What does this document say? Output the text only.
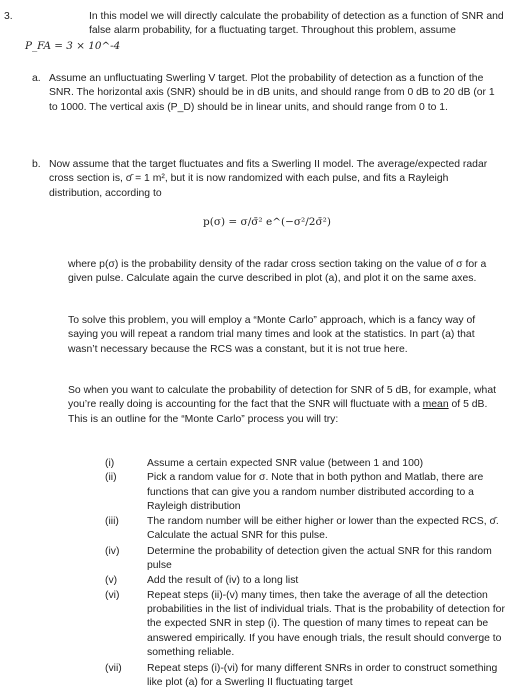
3.	In this model we will directly calculate the probability of detection as a function of SNR and false alarm probability, for a fluctuating target. Throughout this problem, assume
P_FA = 3 × 10^-4
a. Assume an unfluctuating Swerling V target. Plot the probability of detection as a function of the SNR. The horizontal axis (SNR) should be in dB units, and should range from 0 dB to 20 dB (or 1 to 1000. The vertical axis (P_D) should be in linear units, and should range from 0 to 1.
b. Now assume that the target fluctuates and fits a Swerling II model. The average/expected radar cross section is, σ̄ = 1 m², but it is now randomized with each pulse, and fits a Rayleigh distribution, according to
p(σ) = σ/σ̄² e^(−σ²/2σ̄²)
where p(σ) is the probability density of the radar cross section taking on the value of σ for a given pulse. Calculate again the curve described in plot (a), and plot it on the same axes.
To solve this problem, you will employ a “Monte Carlo” approach, which is a fancy way of saying you will repeat a random trial many times and look at the statistics. In part (a) that wasn’t necessary because the RCS was a constant, but it is not true here.
So when you want to calculate the probability of detection for SNR of 5 dB, for example, what you’re really doing is accounting for the fact that the SNR will fluctuate with a mean of 5 dB. This is an outline for the “Monte Carlo” process you will try:
(i)	Assume a certain expected SNR value (between 1 and 100)
(ii)	Pick a random value for σ. Note that in both python and Matlab, there are functions that can give you a random number distributed according to a Rayleigh distribution
(iii)	The random number will be either higher or lower than the expected RCS, σ̄. Calculate the actual SNR for this pulse.
(iv)	Determine the probability of detection given the actual SNR for this random pulse
(v)	Add the result of (iv) to a long list
(vi)	Repeat steps (ii)-(v) many times, then take the average of all the detection probabilities in the list of individual trials. That is the probability of detection for the expected SNR in step (i). The question of many times to repeat can be answered empirically. If you have enough trials, the result should converge to something reliable.
(vii) Repeat steps (i)-(vi) for many different SNRs in order to construct something like plot (a) for a Swerling II fluctuating target
